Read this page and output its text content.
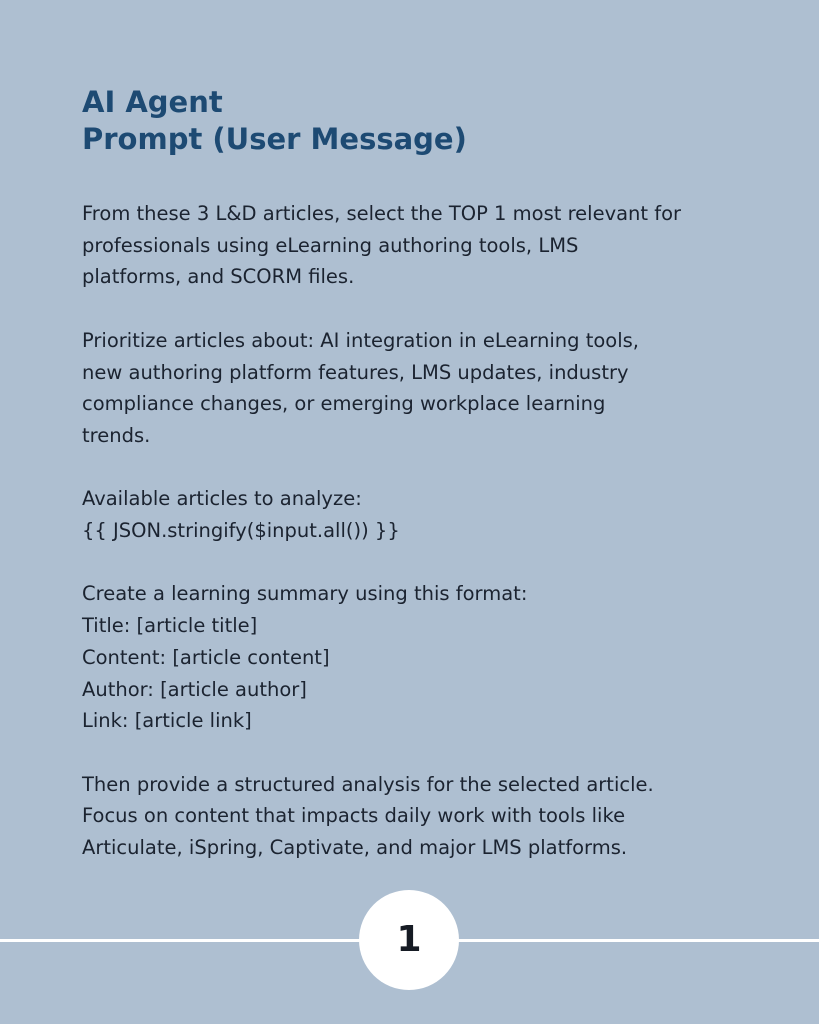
AI Agent
Prompt (User Message)
From these 3 L&D articles, select the TOP 1 most relevant for
professionals using eLearning authoring tools, LMS
platforms, and SCORM files.
Prioritize articles about: AI integration in eLearning tools,
new authoring platform features, LMS updates, industry
compliance changes, or emerging workplace learning
trends.
Available articles to analyze:
{{ JSON.stringify($input.all()) }}
Create a learning summary using this format:
Title: [article title]
Content: [article content]
Author: [article author]
Link: [article link]
Then provide a structured analysis for the selected article.
Focus on content that impacts daily work with tools like
Articulate, iSpring, Captivate, and major LMS platforms.
1
